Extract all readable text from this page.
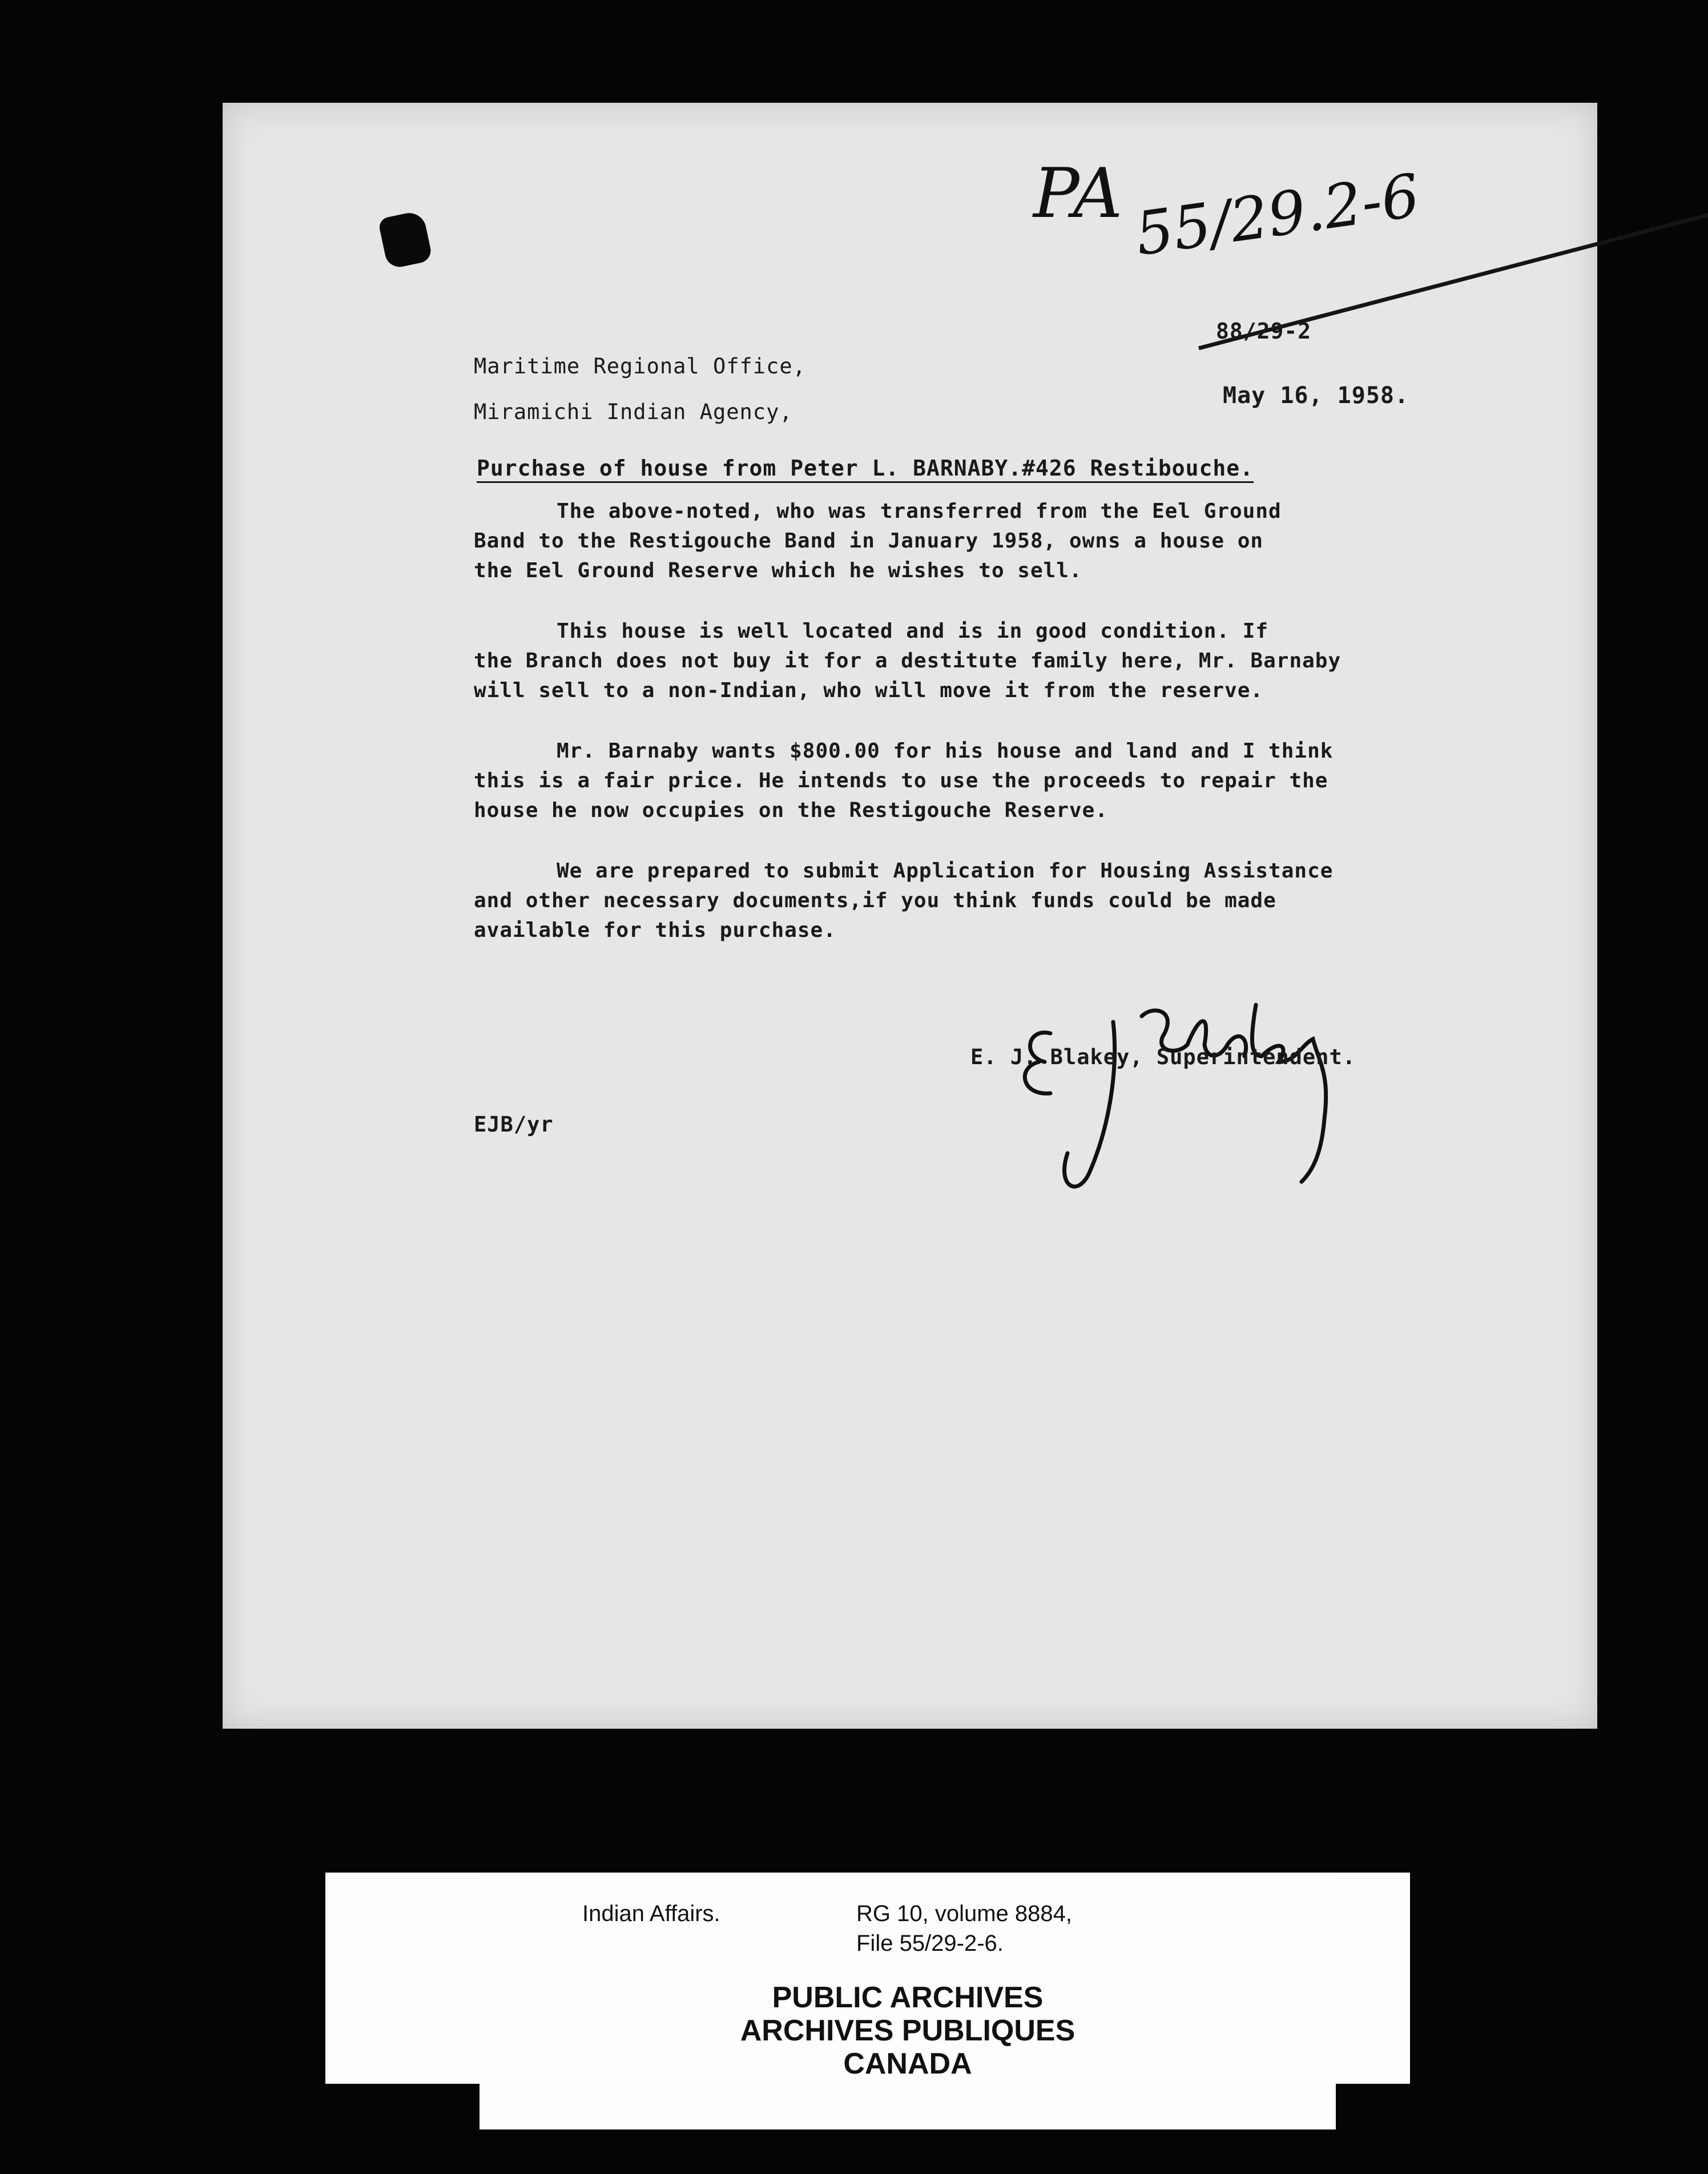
PA 55/29.2-6
88/29-2
May 16, 1958.
Maritime Regional Office,
Miramichi Indian Agency,
Purchase of house from Peter L. BARNABY.#426 Restibouche.
The above-noted, who was transferred from the Eel Ground
Band to the Restigouche Band in January 1958, owns a house on
the Eel Ground Reserve which he wishes to sell.
This house is well located and is in good condition. If
the Branch does not buy it for a destitute family here, Mr. Barnaby
will sell to a non-Indian, who will move it from the reserve.
Mr. Barnaby wants $800.00 for his house and land and I think
this is a fair price. He intends to use the proceeds to repair the
house he now occupies on the Restigouche Reserve.
We are prepared to submit Application for Housing Assistance
and other necessary documents,if you think funds could be made
available for this purchase.
E. J. Blakey, Superintendent.
EJB/yr
Indian Affairs.	RG 10, volume 8884,
File 55/29-2-6.
PUBLIC ARCHIVES
ARCHIVES PUBLIQUES
CANADA
